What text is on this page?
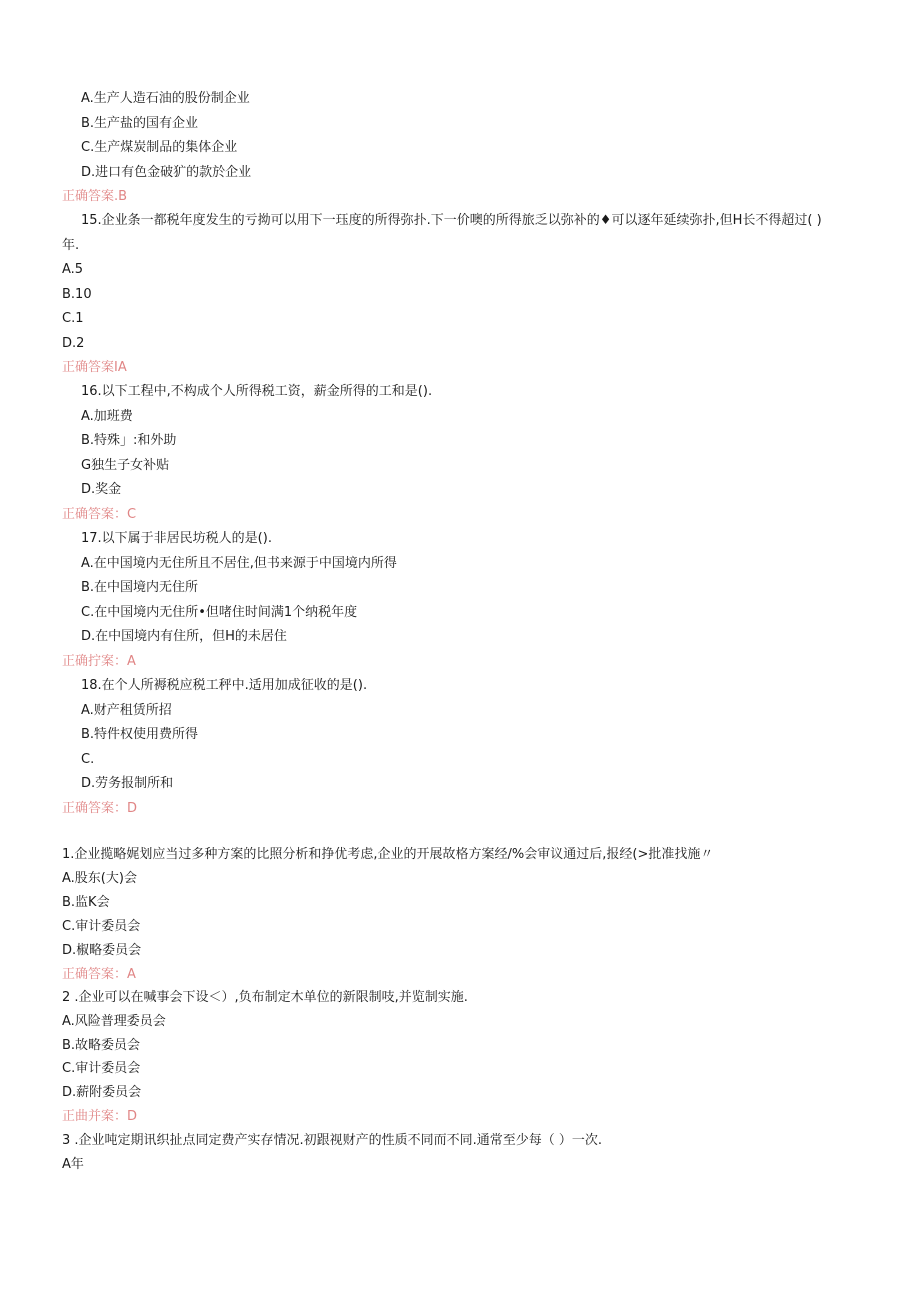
A.生产人造石油的股份制企业
B.生产盐的国有企业
C.生产煤炭制品的集体企业
D.进口有色金破犷的款於企业
正确答案.B
15.企业条一都税年度发生的亏拗可以用下一珏度的所得弥扑.下一价噢的所得旅乏以弥补的♦可以逐年延续弥扑,但H长不得超过( )
年.
A.5
B.10
C.1
D.2
正确答案IA
16.以下工程中,不构成个人所得税工资，薪金所得的工和是().
A.加班费
B.特殊」:和外助
G独生子女补贴
D.奖金
正确答案：C
17.以下属于非居民坊税人的是().
A.在中国境内无住所且不居住,但书来源于中国境内所得
B.在中国境内无住所
C.在中国境内无住所•但啫住时间满1个纳税年度
D.在中国境内有住所，但H的未居住
正确拧案：A
18.在个人所褥税应税工秤中.适用加成征收的是().
A.财产租赁所招
B.特件权使用费所得
C.
D.劳务报制所和
正确答案：D
1.企业揽略娓划应当过多种方案的比照分析和挣优考虑,企业的开展故格方案经/%会审议通过后,报经(>批准找施〃
A.股东(大)会
B.监K会
C.审计委员会
D.椒略委员会
正确答案：A
2 .企业可以在喊事会下设＜）,负布制定木单位的新限制吱,并览制实施.
A.风险普理委员会
B.故略委员会
C.审计委员会
D.薪附委员会
正曲并案：D
3 .企业吨定期讯织扯点同定费产实存情况.初跟视财产的性质不同而不同.通常至少每（ ）一次.
A年
